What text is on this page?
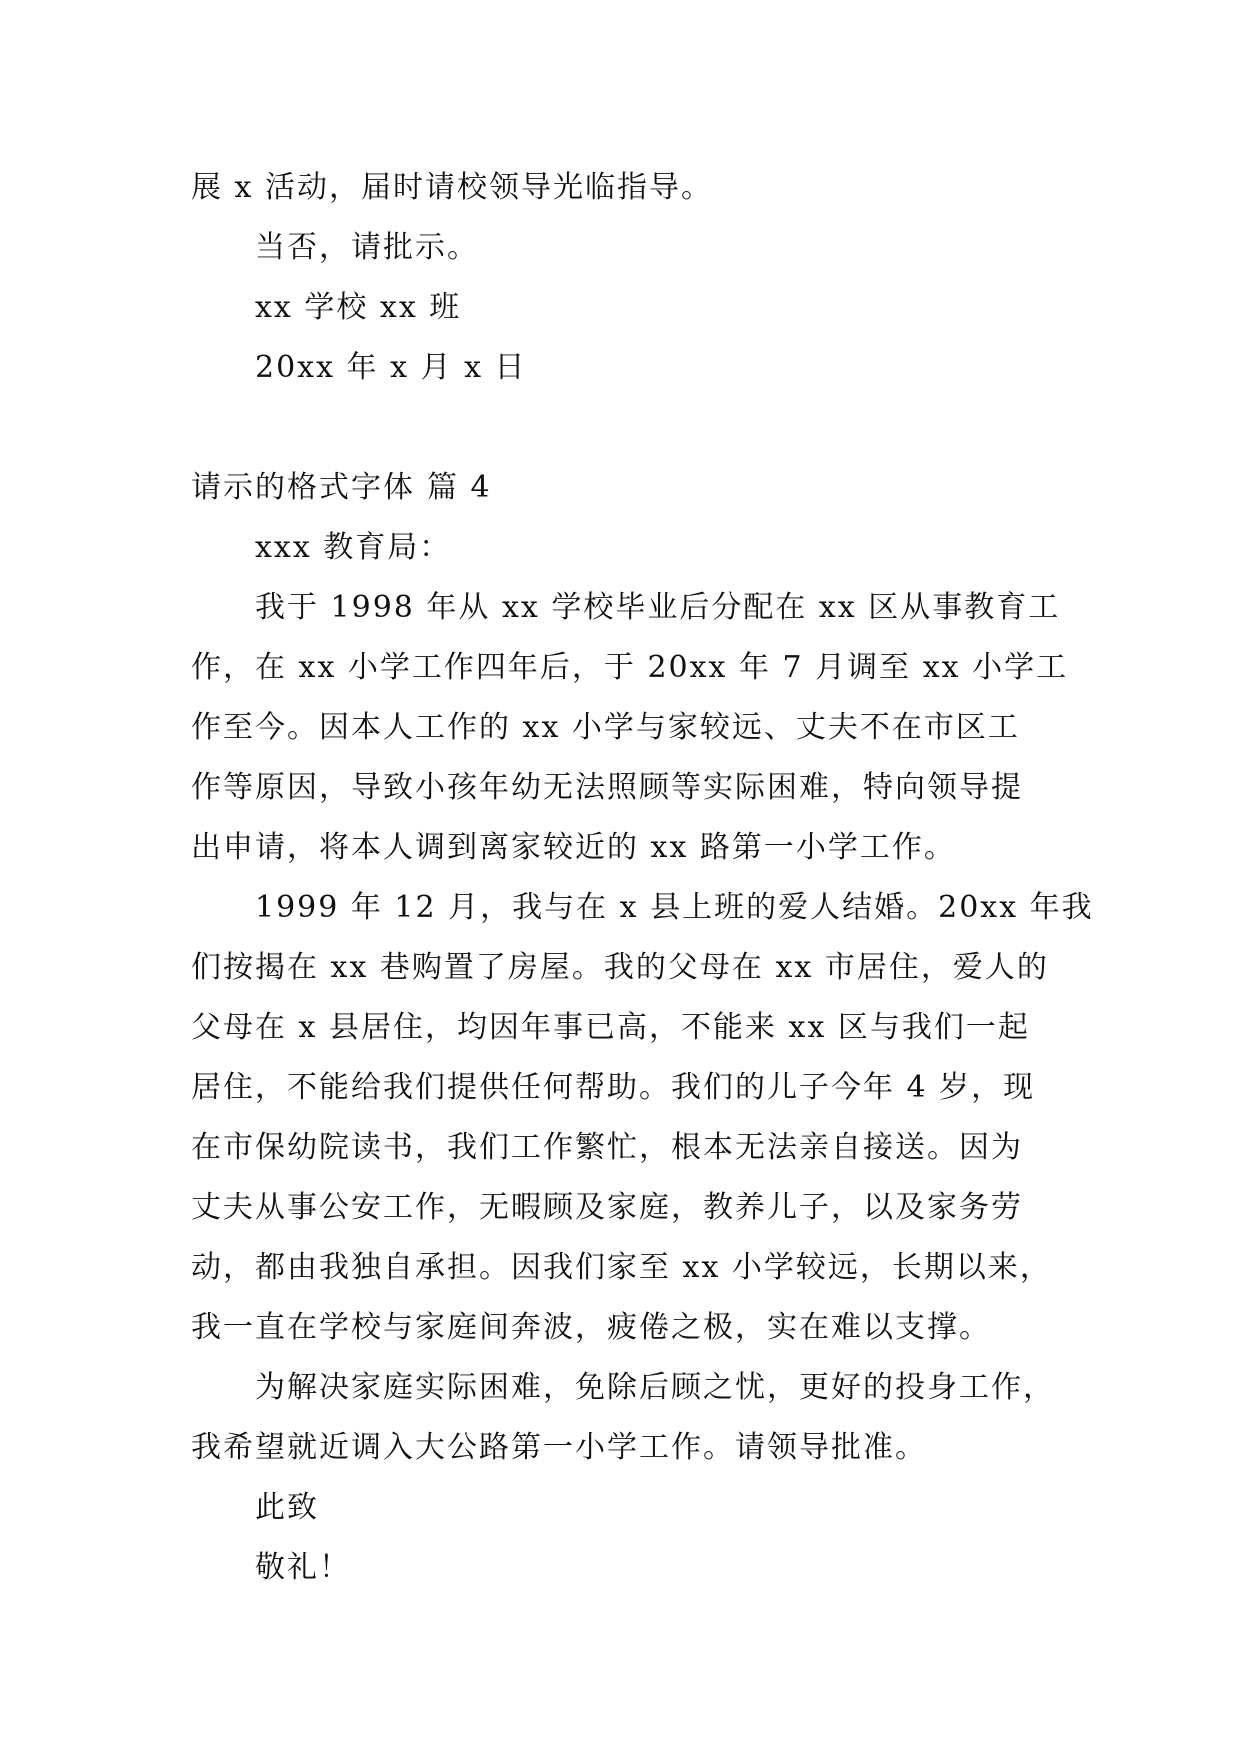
展 x 活动，届时请校领导光临指导。
当否，请批示。
xx 学校 xx 班
20xx 年 x 月 x 日
请示的格式字体 篇 4
xxx 教育局：
我于 1998 年从 xx 学校毕业后分配在 xx 区从事教育工
作，在 xx 小学工作四年后，于 20xx 年 7 月调至 xx 小学工
作至今。因本人工作的 xx 小学与家较远、丈夫不在市区工
作等原因，导致小孩年幼无法照顾等实际困难，特向领导提
出申请，将本人调到离家较近的 xx 路第一小学工作。
1999 年 12 月，我与在 x 县上班的爱人结婚。20xx 年我
们按揭在 xx 巷购置了房屋。我的父母在 xx 市居住，爱人的
父母在 x 县居住，均因年事已高，不能来 xx 区与我们一起
居住，不能给我们提供任何帮助。我们的儿子今年 4 岁，现
在市保幼院读书，我们工作繁忙，根本无法亲自接送。因为
丈夫从事公安工作，无暇顾及家庭，教养儿子，以及家务劳
动，都由我独自承担。因我们家至 xx 小学较远，长期以来，
我一直在学校与家庭间奔波，疲倦之极，实在难以支撑。
为解决家庭实际困难，免除后顾之忧，更好的投身工作，
我希望就近调入大公路第一小学工作。请领导批准。
此致
敬礼！
